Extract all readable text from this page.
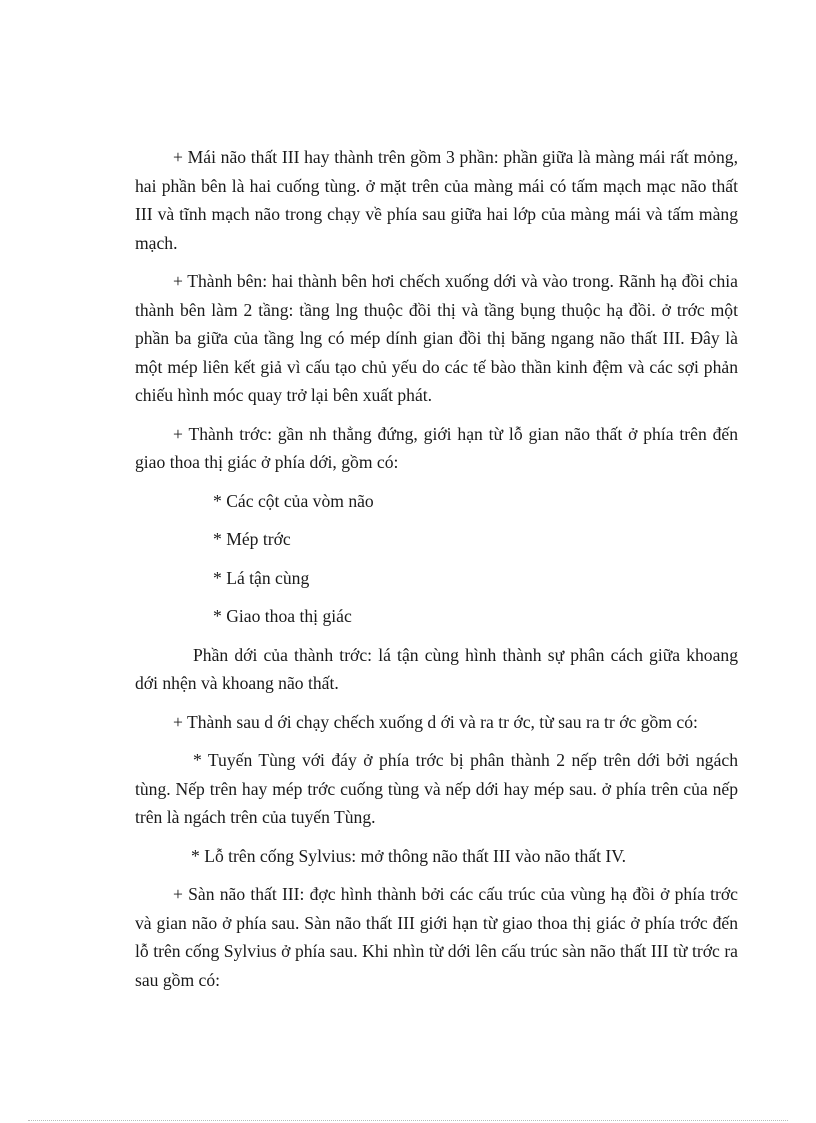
+ Mái não thất III hay thành trên gồm 3 phần: phần giữa là màng mái rất mỏng, hai phần bên là hai cuống tùng. ở mặt trên của màng mái có tấm mạch mạc não thất III và tĩnh mạch não trong chạy về phía sau giữa hai lớp của màng mái và tấm màng mạch.

+ Thành bên: hai thành bên hơi chếch xuống dới và vào trong. Rãnh hạ đồi chia thành bên làm 2 tầng: tầng lng thuộc đồi thị và tầng bụng thuộc hạ đồi. ở trớc một phần ba giữa của tầng lng có mép dính gian đồi thị băng ngang não thất III. Đây là một mép liên kết giả vì cấu tạo chủ yếu do các tế bào thần kinh đệm và các sợi phản chiếu hình móc quay trở lại bên xuất phát.

+ Thành trớc: gần nh thẳng đứng, giới hạn từ lỗ gian não thất ở phía trên đến giao thoa thị giác ở phía dới, gồm có:

* Các cột của vòm não

* Mép trớc

* Lá tận cùng

* Giao thoa thị giác

Phần dới của thành trớc: lá tận cùng hình thành sự phân cách giữa khoang dới nhện và khoang não thất.

+ Thành sau d ới chạy chếch xuống d ới và ra tr ớc, từ sau ra tr ớc gồm có:

* Tuyến Tùng với đáy ở phía trớc bị phân thành 2 nếp trên dới bởi ngách tùng. Nếp trên hay mép trớc cuống tùng và nếp dới hay mép sau. ở phía trên của nếp trên là ngách trên của tuyến Tùng.

* Lỗ trên cống Sylvius: mở thông não thất III vào não thất IV.

+ Sàn não thất III: đợc hình thành bởi các cấu trúc của vùng hạ đồi ở phía trớc và gian não ở phía sau. Sàn não thất III giới hạn từ giao thoa thị giác ở phía trớc đến lỗ trên cống Sylvius ở phía sau. Khi nhìn từ dới lên cấu trúc sàn não thất III từ trớc ra sau gồm có:
